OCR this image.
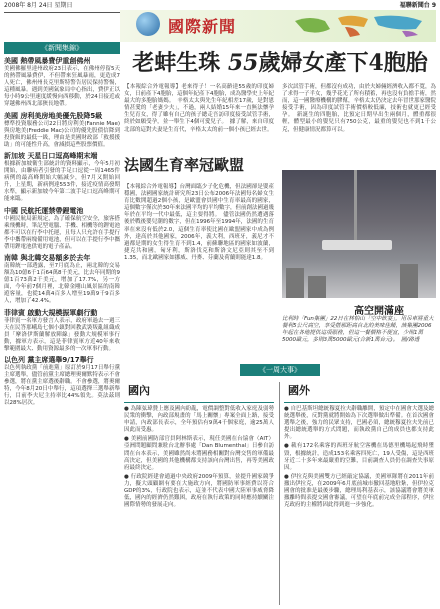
2008年 8月 24日 星期日	福聯新聞台 9
國際新聞
《新聞集錦》
美國 熱帶風暴費伊重創佛州
美國佛羅里達州政府23日表示，在佛州停留5天的熱帶風暴費伊，不但帶來狂風暴雨，更造成7人死亡，佛州州長克里斯特警告居民保持警惕，這種風暴。遇到美國氣象局中心指出，費伊正以每小時9公里速度緩慢向西移動，於24日接近或穿越佛州西北部狹長地帶。
美國 房利美房地美優先股降5級
標準投資服務公司22日將房利美(Fannie Mae)與房地美(Freddie Mac)公司的優先股債信降到投資級的最低一級，理由是美國財政部「救援援助」的可能性升高，會減損這些股票價值。
新加坡 天星日口逗高峰期末端
根據新加坡衛生部統計的資料顯示，今年5月初開始，由聯病者引發的手足口逗從一周1465件病例的最高峰開始大幅減少，但7月又開始回升，上星期，新病例達553件，接近疫情高發期水準，顯示新加坡今年第二波手足口逗高峰期可能來臨。
中國 民航托運禁帶鋰電池
中國民航局新規定，為了確保航空安全，旅客搭乘飛機時，筆記型電腦、手機、相機等的鋰電池都不可以在行李中托運，且每人只允許在手提行李中攜帶兩塊備用電池，但可以在手提行李中攜帶用鋰電池供電的電子產品。
南韓 與北韓交易額多於去年
南韓統一部透露，至7月底為止，兩北韓的交易額為10億6千1百64萬8千美元，比去年同期的9億1百73萬2千美元，增加了17.7%，另一方面，今年前7個月裡，北韓金剛山風景區的南韓遊客量，也從14萬4百多人增至19萬9千9百多人，增加了42.4%。
菲律賓 啟動大規模振軍劇行動
菲律賓一名軍方發言人表示，政府軍過去一週三天在民答那峨島七個小鎮對回教武裝叛亂組織成員「摩洛伊斯蘭解放陣線」發動大規模軍事行動，據軍方表示，這是菲律賓軍方近40年來收擊範圍最大、動用資源最多的一次軍事行動。
以色列 黨主席選舉9/17舉行
以色列執政黨「前進黨」原訂於9月17日舉行黨主席選舉，儘管前黨主席總理奧爾默特表示不會參選，將在黨主席選後辭職。不會參選，將奧爾特，今年8月20日中舉行，這項選擇三選舉新舉行，目前李夫尼主持率比44%領先。莫法茲則以28%居次。
老蚌生珠 55歲婦女產下4胞胎
【本報綜合外電報導】老來得子！一名高齡達55歲的印度婦女，日前產下4胞胎，這個年紀產下4胞胎，成為醫學史上年紀最大的多胞胎媽媽。　辛格太太與先生年紀相差17歲，是對恩情甚愛的「老妻少夫」，不過，兩人結婚15年來一直無法懷孕生兒育女，得了雖有自己的孩子總走吾訪印度接受試管手術，終於如願受孕，並一舉生下4個可愛兒子。　據了解，來自印度北部的這對夫妻是生育代，辛格太太的前一個小孩已經去世。
多次試管手術，但都沒有成功，由於夫婦倆經濟收入都不寬，為了求得一子半女，幾乎花光了所有積蓄，再也沒有負擔手術，然而，這一國醫療機構的膠幫，辛格太太仍決定去年冒世那家醫院接受手術，因為印度試管手術價格較低廉，技術也就更已經受孕。　新誕生的四胞胎，比預定日期早出生兩個月，體重都很輕，體型最小的嬰兒只有750公克，最重的嬰兒也不到1千公克，但健康情況都算可以。
法國生育率冠歐盟
【本報綜合外電報導】台灣面臨少子化危機，但法國卻是嬰產穩國，法國國家統計研究所23日公布2006年法國每名婦女生育比數開超過2個小孩，是歐盟會員國中生育率最高的國家，這個數字僅次於30年來法國平均的平均數字，但前創法國過幾年於在平均一代中最低，這主要得將。　儘管法國仍然遭遇落後於戰後嬰兒潮的數字，但在1996年至1994年，法國的生育率在來沒有低於2.0，這個生育率使比國在歐盟國家中成為例外，達高於其他國家，2006年，義大利，西班牙，義尼才不過都是期的女生得生育不到1.4，前蘇聯地區的國家如波蘭，捷克共和國，匈牙利，斯洛伐克和斯洛文尼亞則其至不到1.35，而北歐國家如挪威、丹麥、芬蘭及荷蘭則能達1.8。
高空開滿座
比利時「Fun集團」22日在林柏山「空中飲宴」，用吊車將重大餐利5公尺高空，享受搭那距高自北的美味佳餚，該集團2006年起在各地提供這項服務，但這一餐價格不便宜，少則1萬5000歐元，多則3萬5000歐元(合新1萬台元)。　圖/路透
《一周大事》
國內
● 為陳弦瑋贊上應及國內紛亂，電價調整對低收入家庭及弱勢民衆的衝擊，內政部規畫的「馬上關懷」專案全面上路，接受申請，內政部長表示，全年預估有9萬4千個家庭，逾25萬人因此而受惠。
● 美國前國防部官員阿林斯表示，現任美國在台協會（AIT）亞洲問題顧問兼駐台北辦事處「Dan Blumenthal」日參自訪問在台本表示，美國雖然尚未將國務相關對台灣交售的軍備最高決定，但美國的其他機構都支持該向台灣出售，再等美國政府最終決定。
● 行政院經建會通過中央政府2009年預算，並提升國家競爭力，擬大頭顧網有要在大施政方向，將國防軍事經費以符合GDP的3%，行政院也表示，這並不代表中國大陸軍事威脅降低，國內的經濟仍然艱困，政府在執行政策的同時應持續關注國際情勢的發展走向。
國外
● 自巴基斯坦總統穆夏拉夫辭職離開，預定中在國會大選及總統選舉後，反對黨就將開始為下次選舉做出準備。在首次國會選舉之後，強力的民眾支持，巴國必須，總統穆夏拉夫先前已提出總統選舉的方式問題，而執政黨自己的成員也都支持此外。
● 載有172名乘客的西班牙航空客機在馬德里機場起飛時墜毀，根據統計，造成153名乘客四死亡，19人受傷，這是西班牙近二十多年來最嚴重的空難，目前調查人員仍在調查失事原因。
● 伊拉克與美國雙方已經敲定協議，美國軍隊將在2011年前撤出伊拉克，在2009年6月底前城市撤回基地駐紮，但伊拉克國會的批准是最後步驟，總理馬利基表示，該協議將會將美軍撤離時間表提交國會審議，可望在年底前完成全部程序，伊拉克政府的主權將因此得到進一步強化。
